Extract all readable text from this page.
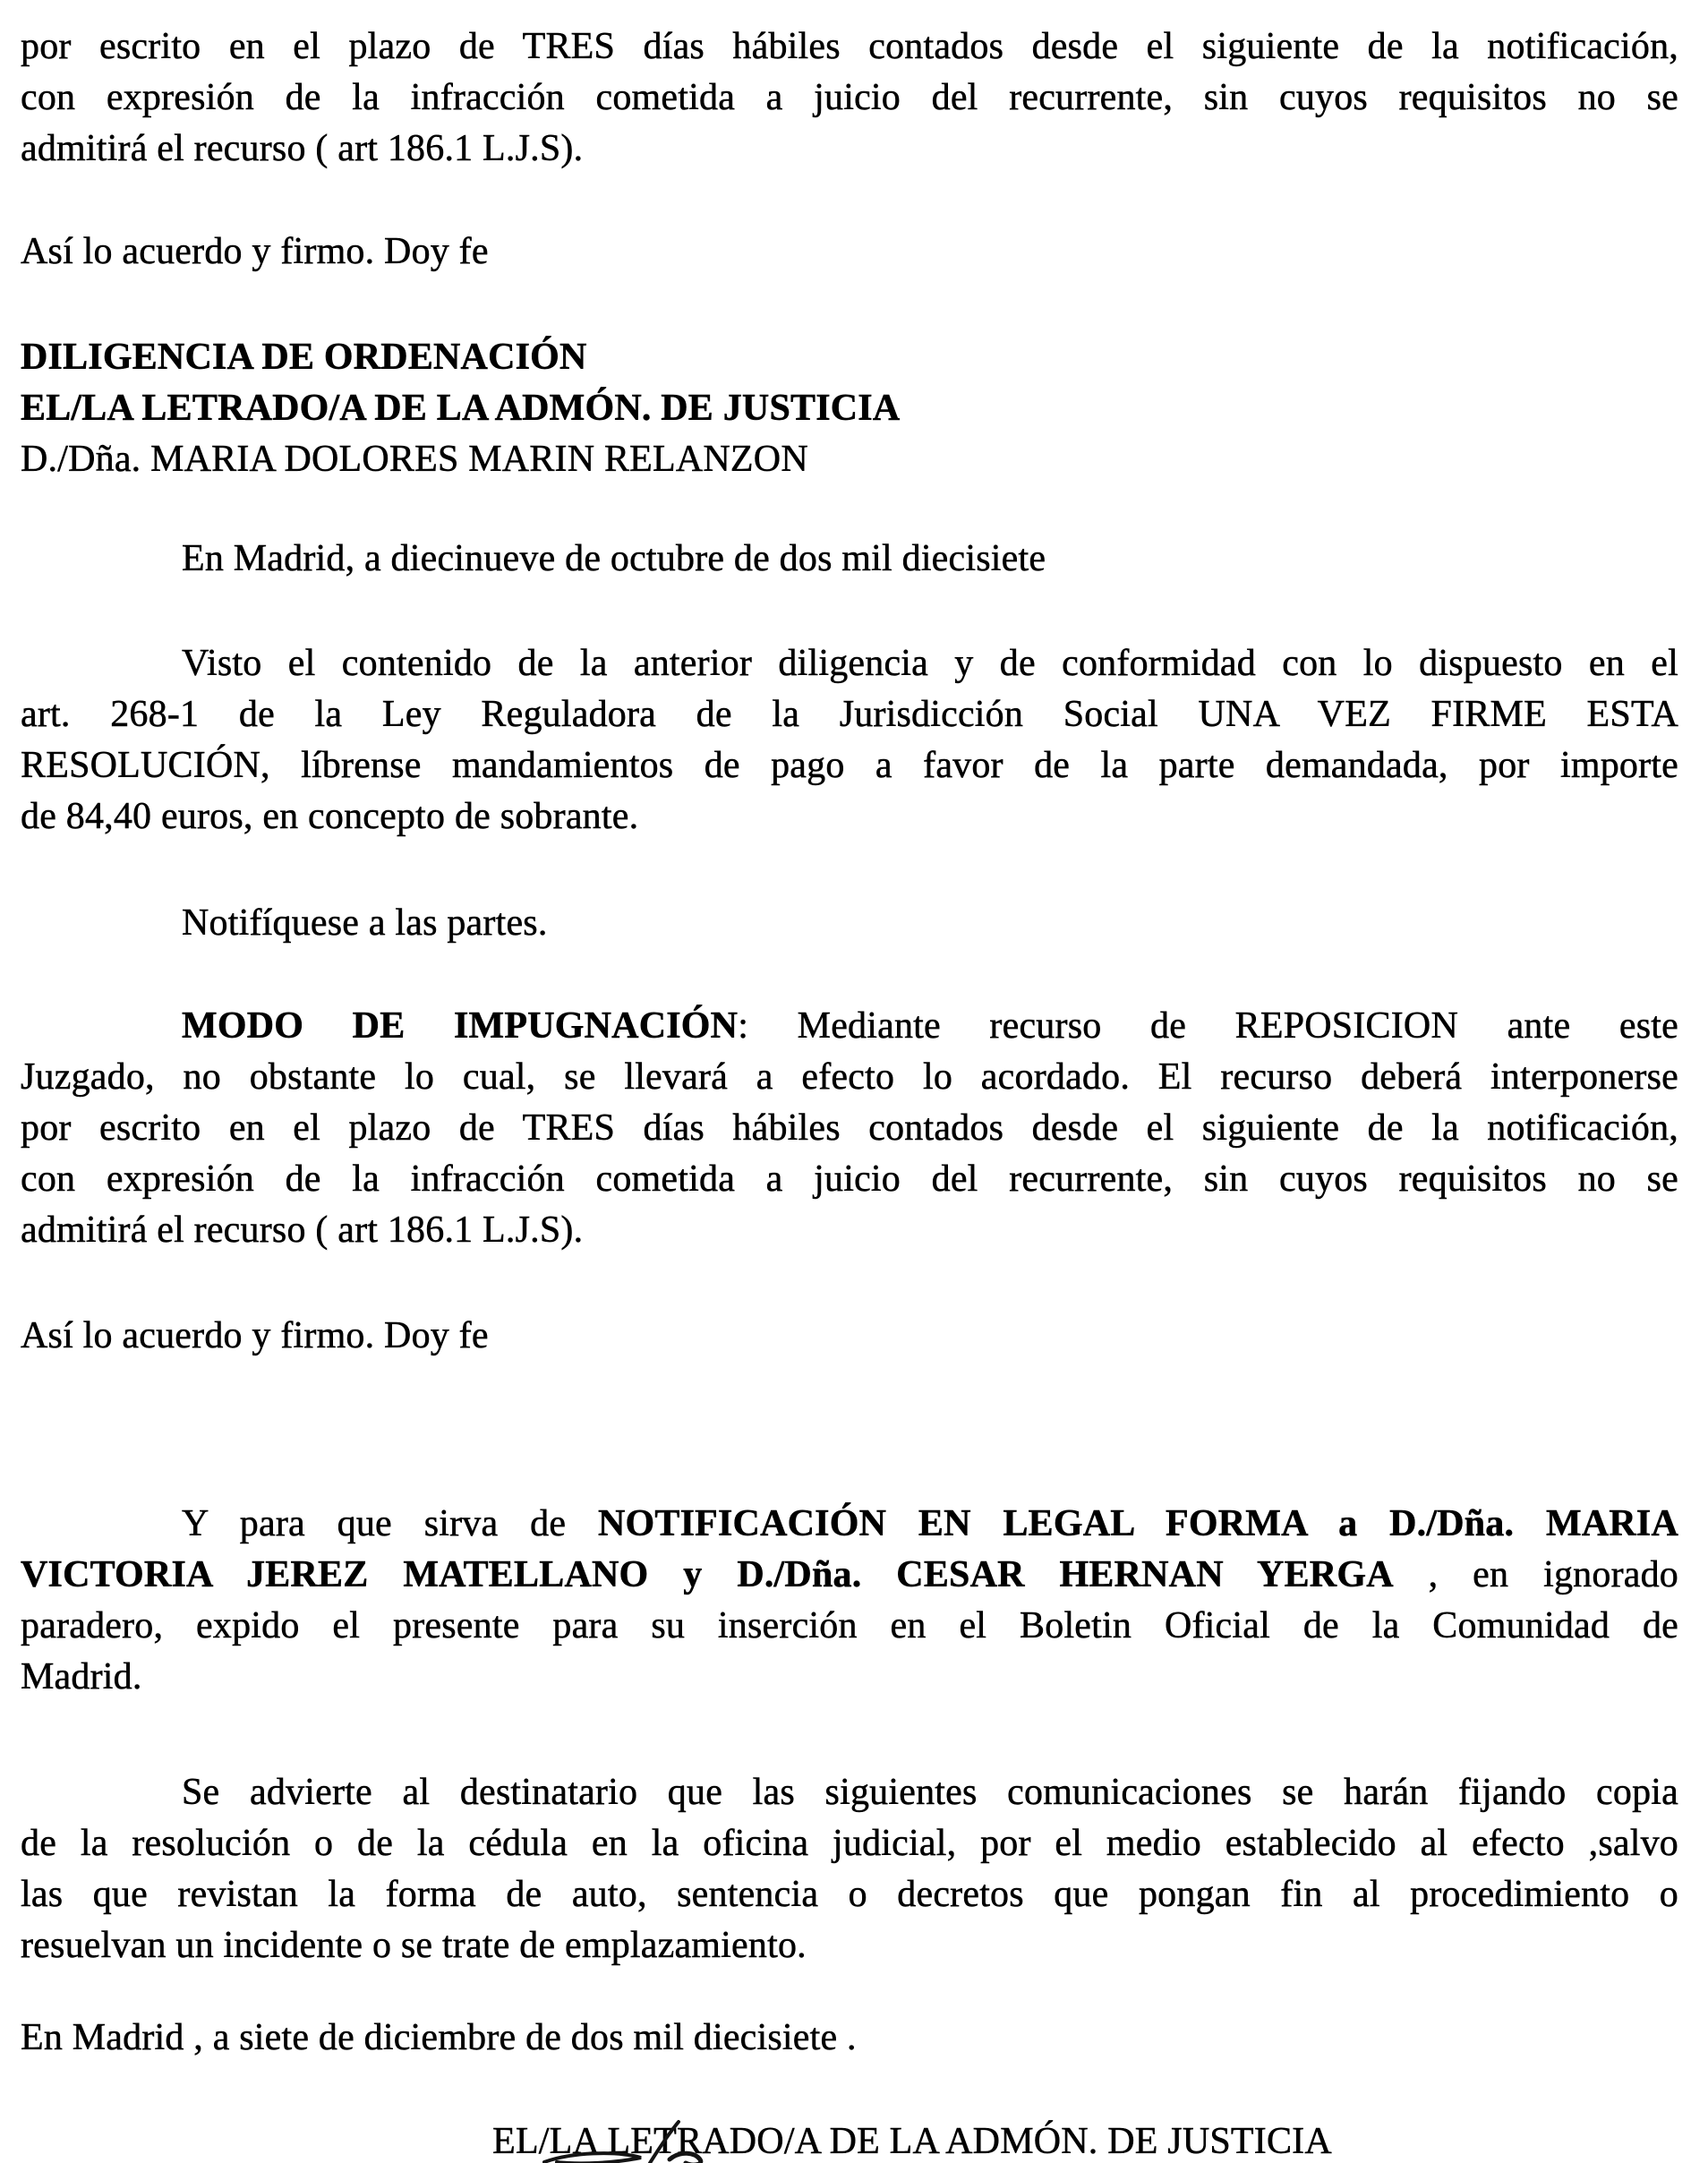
por escrito en el plazo de TRES días hábiles contados desde el siguiente de la notificación,
con expresión de la infracción cometida a juicio del recurrente, sin cuyos requisitos no se
admitirá el recurso ( art 186.1 L.J.S).
Así lo acuerdo y firmo. Doy fe
DILIGENCIA DE ORDENACIÓN
EL/LA LETRADO/A DE LA ADMÓN. DE JUSTICIA
D./Dña. MARIA DOLORES MARIN RELANZON
En Madrid, a diecinueve de octubre de dos mil diecisiete
Visto el contenido de la anterior diligencia y de conformidad con lo dispuesto en el
art. 268-1 de la Ley Reguladora de la Jurisdicción Social UNA VEZ FIRME ESTA
RESOLUCIÓN, líbrense mandamientos de pago a favor de la parte demandada, por importe
de 84,40 euros, en concepto de sobrante.
Notifíquese a las partes.
MODO DE IMPUGNACIÓN: Mediante recurso de REPOSICION ante este
Juzgado, no obstante lo cual, se llevará a efecto lo acordado. El recurso deberá interponerse
por escrito en el plazo de TRES días hábiles contados desde el siguiente de la notificación,
con expresión de la infracción cometida a juicio del recurrente, sin cuyos requisitos no se
admitirá el recurso ( art 186.1 L.J.S).
Así lo acuerdo y firmo. Doy fe
Y para que sirva de NOTIFICACIÓN EN LEGAL FORMA a D./Dña. MARIA
VICTORIA JEREZ MATELLANO y D./Dña. CESAR HERNAN YERGA , en ignorado
paradero, expido el presente para su inserción en el Boletin Oficial de la Comunidad de
Madrid.
Se advierte al destinatario que las siguientes comunicaciones se harán fijando copia
de la resolución o de la cédula en la oficina judicial, por el medio establecido al efecto ,salvo
las que revistan la forma de auto, sentencia o decretos que pongan fin al procedimiento o
resuelvan un incidente o se trate de emplazamiento.
En Madrid , a siete de diciembre de dos mil diecisiete .
EL/LA LETRADO/A DE LA ADMÓN. DE JUSTICIA
